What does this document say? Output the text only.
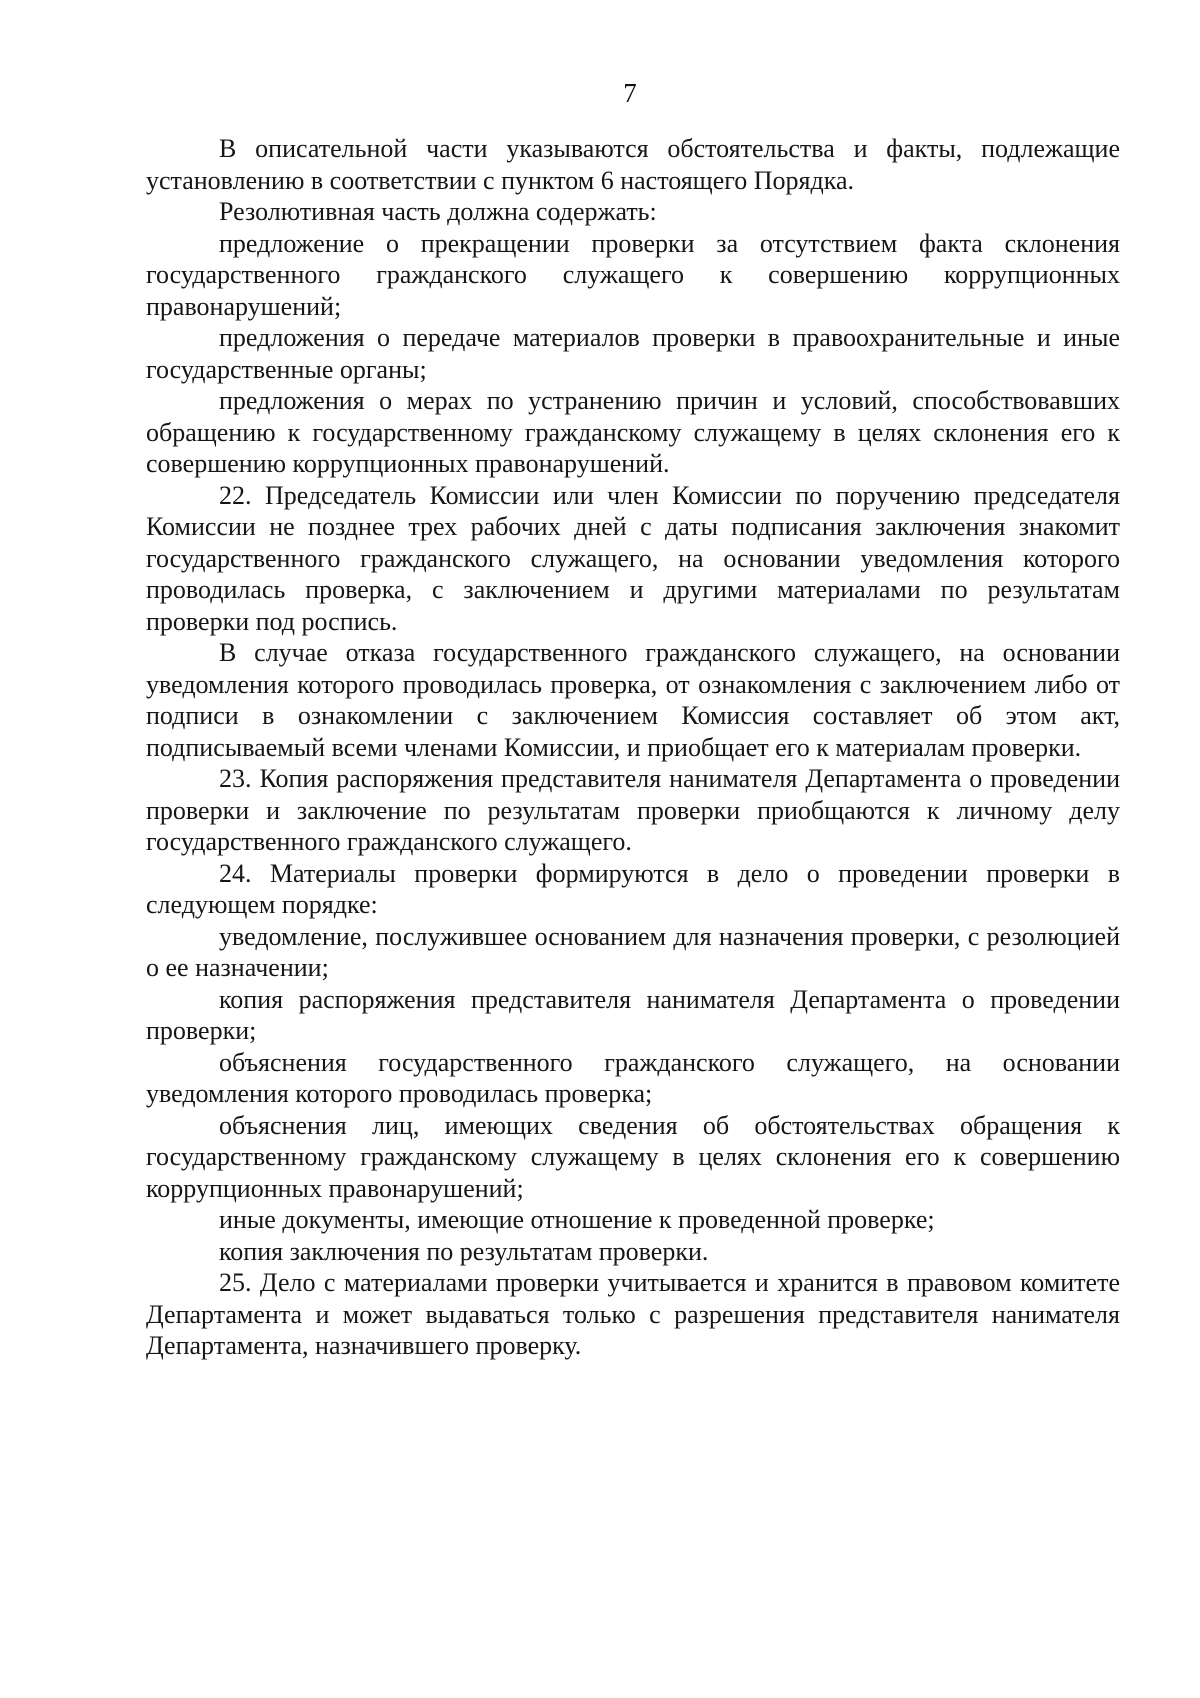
7

В описательной части указываются обстоятельства и факты, подлежащие установлению в соответствии с пунктом 6 настоящего Порядка.

Резолютивная часть должна содержать:

предложение о прекращении проверки за отсутствием факта склонения государственного гражданского служащего к совершению коррупционных правонарушений;

предложения о передаче материалов проверки в правоохранительные и иные государственные органы;

предложения о мерах по устранению причин и условий, способствовавших обращению к государственному гражданскому служащему в целях склонения его к совершению коррупционных правонарушений.

22. Председатель Комиссии или член Комиссии по поручению председателя Комиссии не позднее трех рабочих дней с даты подписания заключения знакомит государственного гражданского служащего, на основании уведомления которого проводилась проверка, с заключением и другими материалами по результатам проверки под роспись.

В случае отказа государственного гражданского служащего, на основании уведомления которого проводилась проверка, от ознакомления с заключением либо от подписи в ознакомлении с заключением Комиссия составляет об этом акт, подписываемый всеми членами Комиссии, и приобщает его к материалам проверки.

23. Копия распоряжения представителя нанимателя Департамента о проведении проверки и заключение по результатам проверки приобщаются к личному делу государственного гражданского служащего.

24. Материалы проверки формируются в дело о проведении проверки в следующем порядке:

уведомление, послужившее основанием для назначения проверки, с резолюцией о ее назначении;

копия распоряжения представителя нанимателя Департамента о проведении проверки;

объяснения государственного гражданского служащего, на основании уведомления которого проводилась проверка;

объяснения лиц, имеющих сведения об обстоятельствах обращения к государственному гражданскому служащему в целях склонения его к совершению коррупционных правонарушений;

иные документы, имеющие отношение к проведенной проверке;

копия заключения по результатам проверки.

25. Дело с материалами проверки учитывается и хранится в правовом комитете Департамента и может выдаваться только с разрешения представителя нанимателя Департамента, назначившего проверку.
